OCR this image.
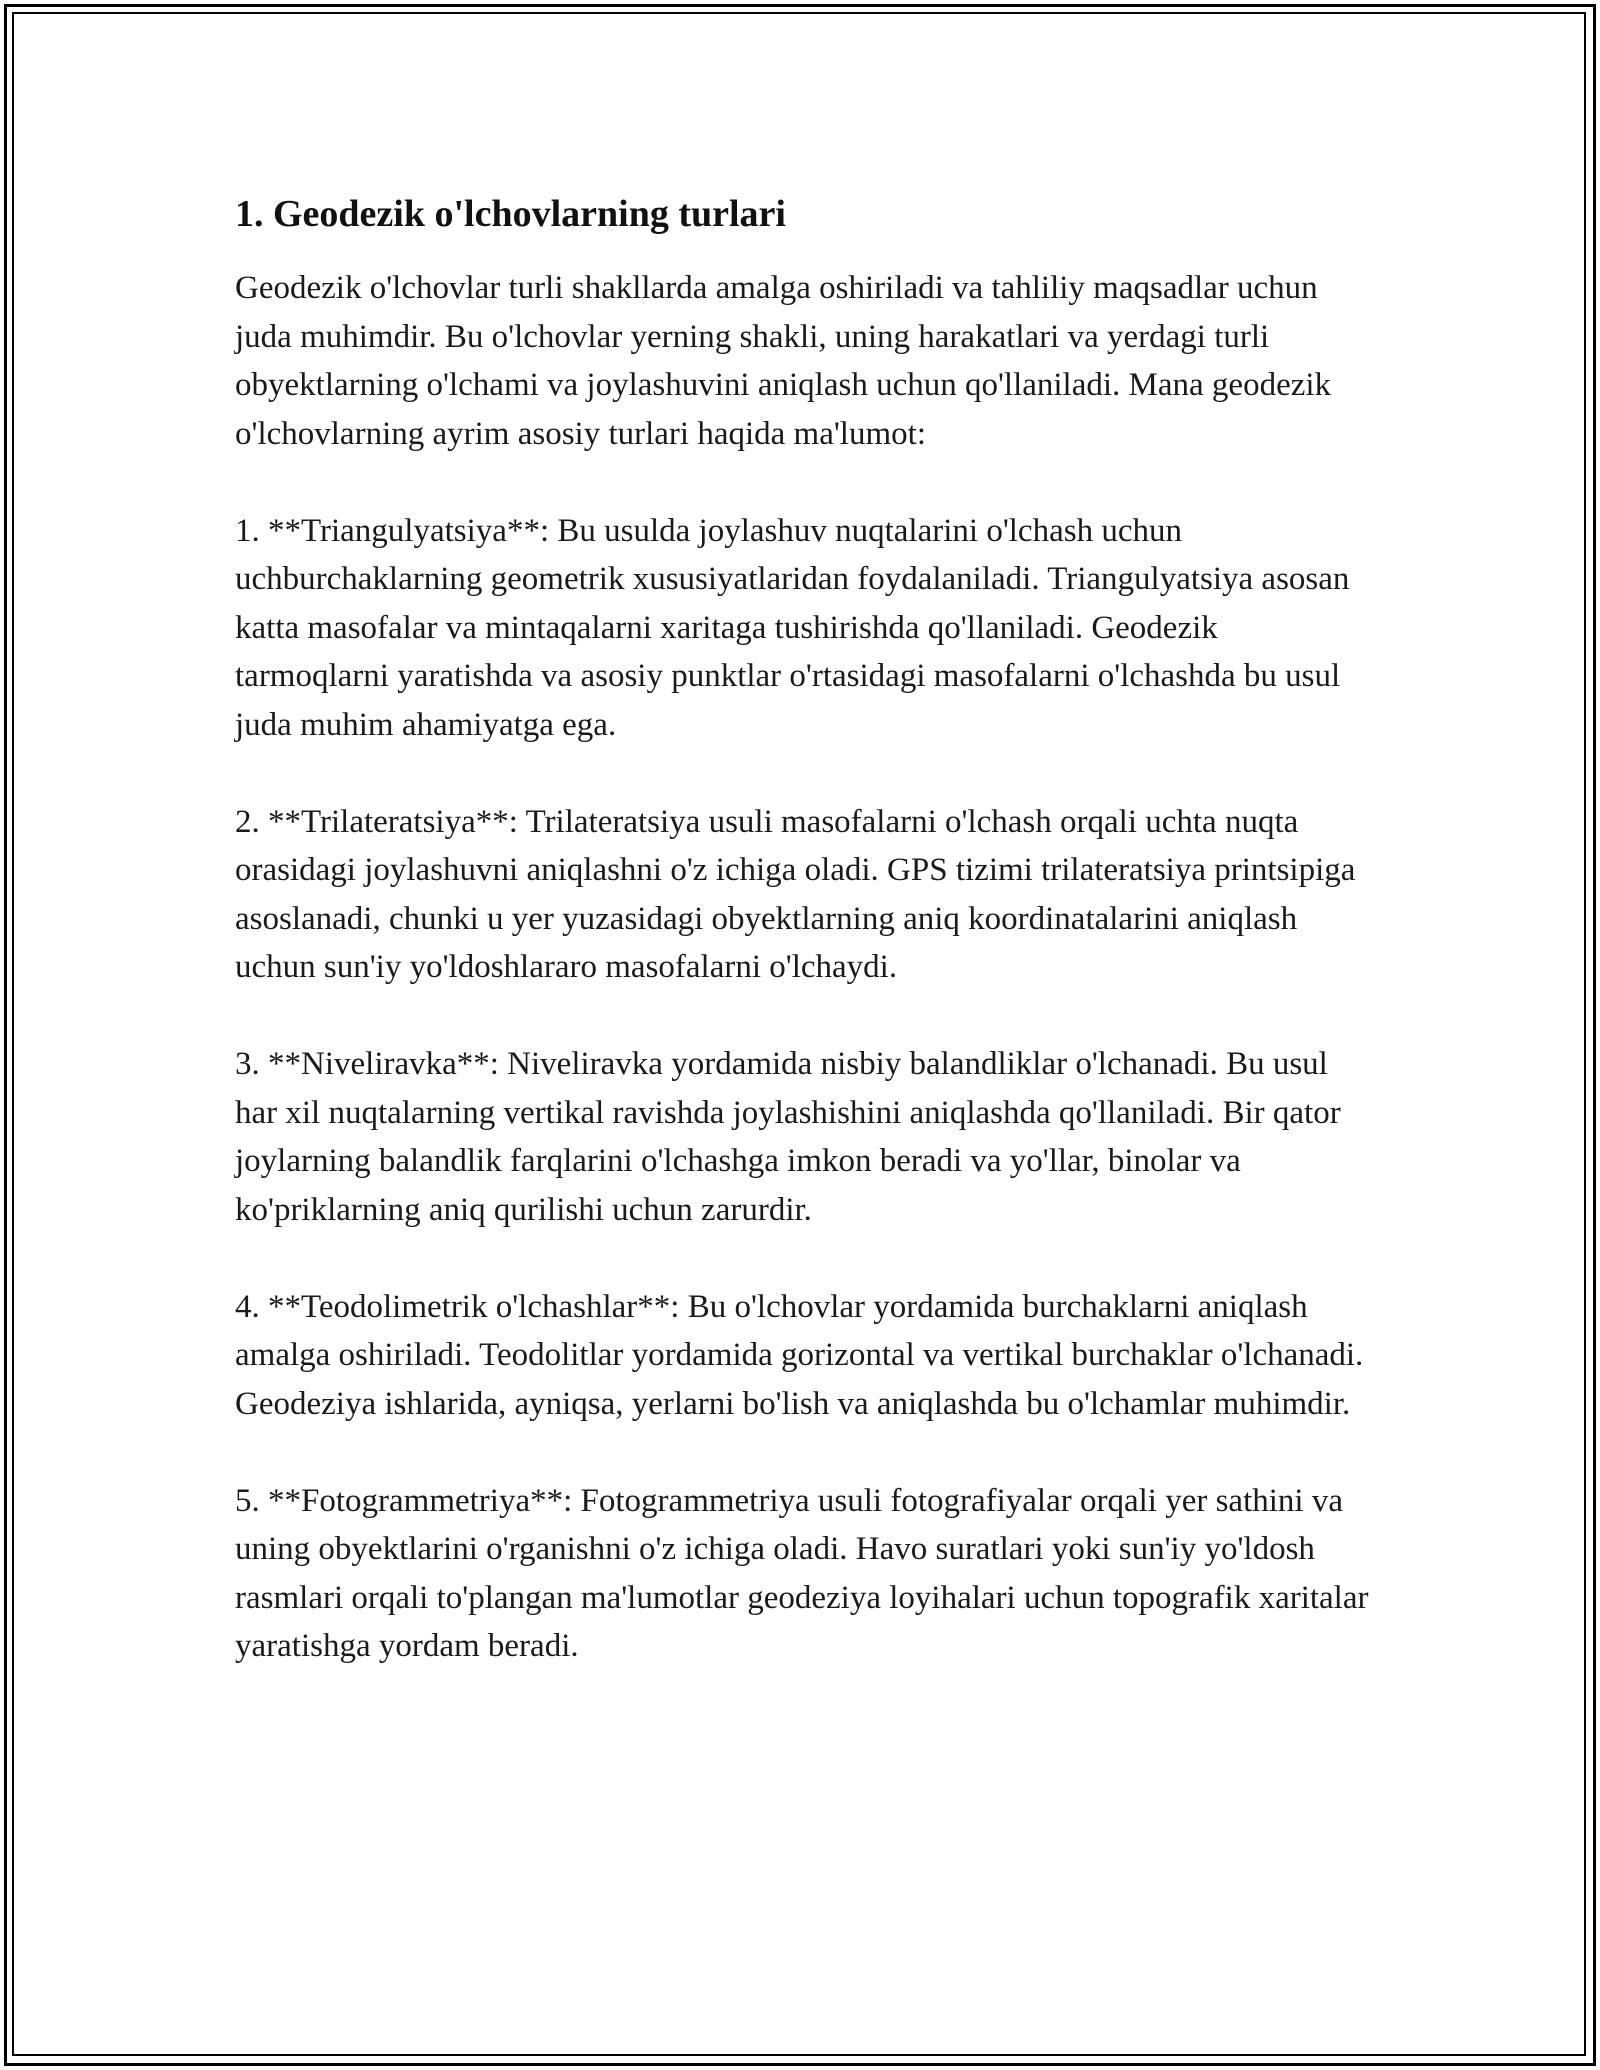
1. Geodezik o'lchovlarning turlari

Geodezik o'lchovlar turli shakllarda amalga oshiriladi va tahliliy maqsadlar uchun juda muhimdir. Bu o'lchovlar yerning shakli, uning harakatlari va yerdagi turli obyektlarning o'lchami va joylashuvini aniqlash uchun qo'llaniladi. Mana geodezik o'lchovlarning ayrim asosiy turlari haqida ma'lumot:

1. **Triangulyatsiya**: Bu usulda joylashuv nuqtalarini o'lchash uchun uchburchaklarning geometrik xususiyatlaridan foydalaniladi. Triangulyatsiya asosan katta masofalar va mintaqalarni xaritaga tushirishda qo'llaniladi. Geodezik tarmoqlarni yaratishda va asosiy punktlar o'rtasidagi masofalarni o'lchashda bu usul juda muhim ahamiyatga ega.

2. **Trilateratsiya**: Trilateratsiya usuli masofalarni o'lchash orqali uchta nuqta orasidagi joylashuvni aniqlashni o'z ichiga oladi. GPS tizimi trilateratsiya printsipiga asoslanadi, chunki u yer yuzasidagi obyektlarning aniq koordinatalarini aniqlash uchun sun'iy yo'ldoshlararo masofalarni o'lchaydi.

3. **Niveliravka**: Niveliravka yordamida nisbiy balandliklar o'lchanadi. Bu usul har xil nuqtalarning vertikal ravishda joylashishini aniqlashda qo'llaniladi. Bir qator joylarning balandlik farqlarini o'lchashga imkon beradi va yo'llar, binolar va ko'priklarning aniq qurilishi uchun zarurdir.

4. **Teodolimetrik o'lchashlar**: Bu o'lchovlar yordamida burchaklarni aniqlash amalga oshiriladi. Teodolitlar yordamida gorizontal va vertikal burchaklar o'lchanadi. Geodeziya ishlarida, ayniqsa, yerlarni bo'lish va aniqlashda bu o'lchamlar muhimdir.

5. **Fotogrammetriya**: Fotogrammetriya usuli fotografiyalar orqali yer sathini va uning obyektlarini o'rganishni o'z ichiga oladi. Havo suratlari yoki sun'iy yo'ldosh rasmlari orqali to'plangan ma'lumotlar geodeziya loyihalari uchun topografik xaritalar yaratishga yordam beradi.
